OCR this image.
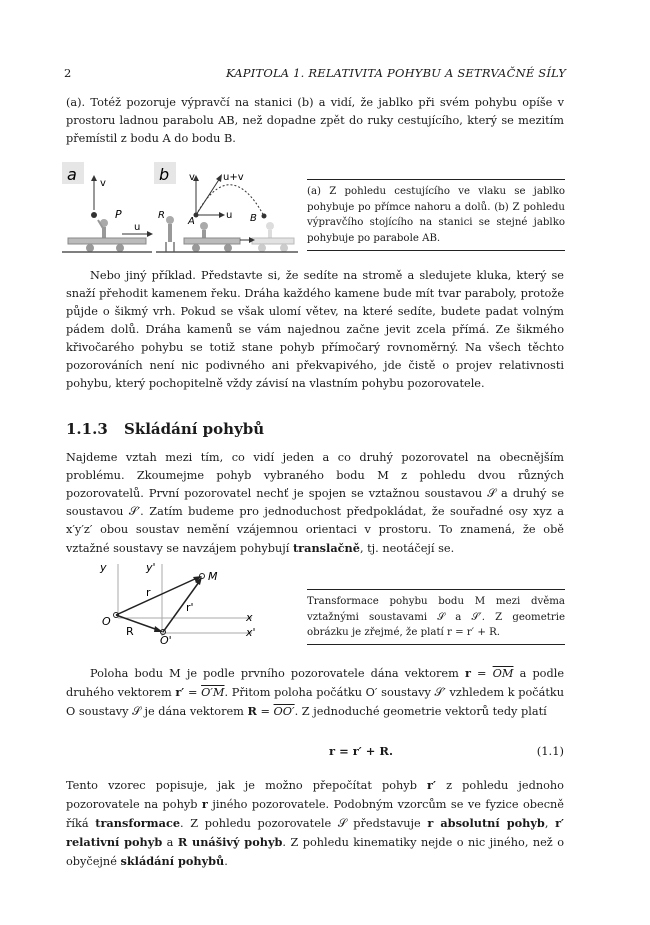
2	KAPITOLA 1. RELATIVITA POHYBU A SETRVAČNÉ SÍLY

(a). Totéž pozoruje výpravčí na stanici (b) a vidí, že jablko při svém pohybu opíše v prostoru ladnou parabolu AB, než dopadne zpět do ruky cestujícího, který se mezitím přemístil z bodu A do bodu B.

a	b
v
P
u
R
A
v	u+v
u B

(a) Z pohledu cestujícího ve vlaku se jablko pohybuje po přímce nahoru a dolů. (b) Z pohledu výpravčího stojícího na stanici se stejné jablko pohybuje po parabole AB.

Nebo jiný příklad. Představte si, že sedíte na stromě a sledujete kluka, který se snaží přehodit kamenem řeku. Dráha každého kamene bude mít tvar paraboly, protože půjde o šikmý vrh. Pokud se však ulomí větev, na které sedíte, budete padat volným pádem dolů. Dráha kamenů se vám najednou začne jevit zcela přímá. Ze šikmého křivočarého pohybu se totiž stane pohyb přímočarý rovnoměrný. Na všech těchto pozorováních není nic podivného ani překvapivého, jde čistě o projev relativnosti pohybu, který pochopitelně vždy závisí na vlastním pohybu pozorovatele.

1.1.3 Skládání pohybů

Najdeme vztah mezi tím, co vidí jeden a co druhý pozorovatel na obecnějším problému. Zkoumejme pohyb vybraného bodu M z pohledu dvou různých pozorovatelů. První pozorovatel nechť je spojen se vztažnou soustavou 𝒮 a druhý se soustavou 𝒮′. Zatím budeme pro jednoduchost předpokládat, že souřadné osy xyz a x′y′z′ obou soustav nemění vzájemnou orientaci v prostoru. To znamená, že obě vztažné soustavy se navzájem pohybují translačně, tj. neotáčejí se.

y	y'
x
x'
M
O
O'
r
r'
R

Transformace pohybu bodu M mezi dvěma vztažnými soustavami 𝒮 a 𝒮′. Z geometrie obrázku je zřejmé, že platí r = r′ + R.

Poloha bodu M je podle prvního pozorovatele dána vektorem $r = \overline{OM}$ a podle druhého vektorem r′ = O′M. Přitom poloha počátku O′ soustavy 𝒮′ vzhledem k počátku O soustavy 𝒮 je dána vektorem R = OO′. Z jednoduché geometrie vektorů tedy platí

r = r′ + R.	(1.1)

Tento vzorec popisuje, jak je možno přepočítat pohyb r′ z pohledu jednoho pozorovatele na pohyb r jiného pozorovatele. Podobným vzorcům se ve fyzice obecně říká transformace. Z pohledu pozorovatele 𝒮 představuje r absolutní pohyb, r′ relativní pohyb a R unášivý pohyb. Z pohledu kinematiky nejde o nic jiného, než o obyčejné skládání pohybů.
